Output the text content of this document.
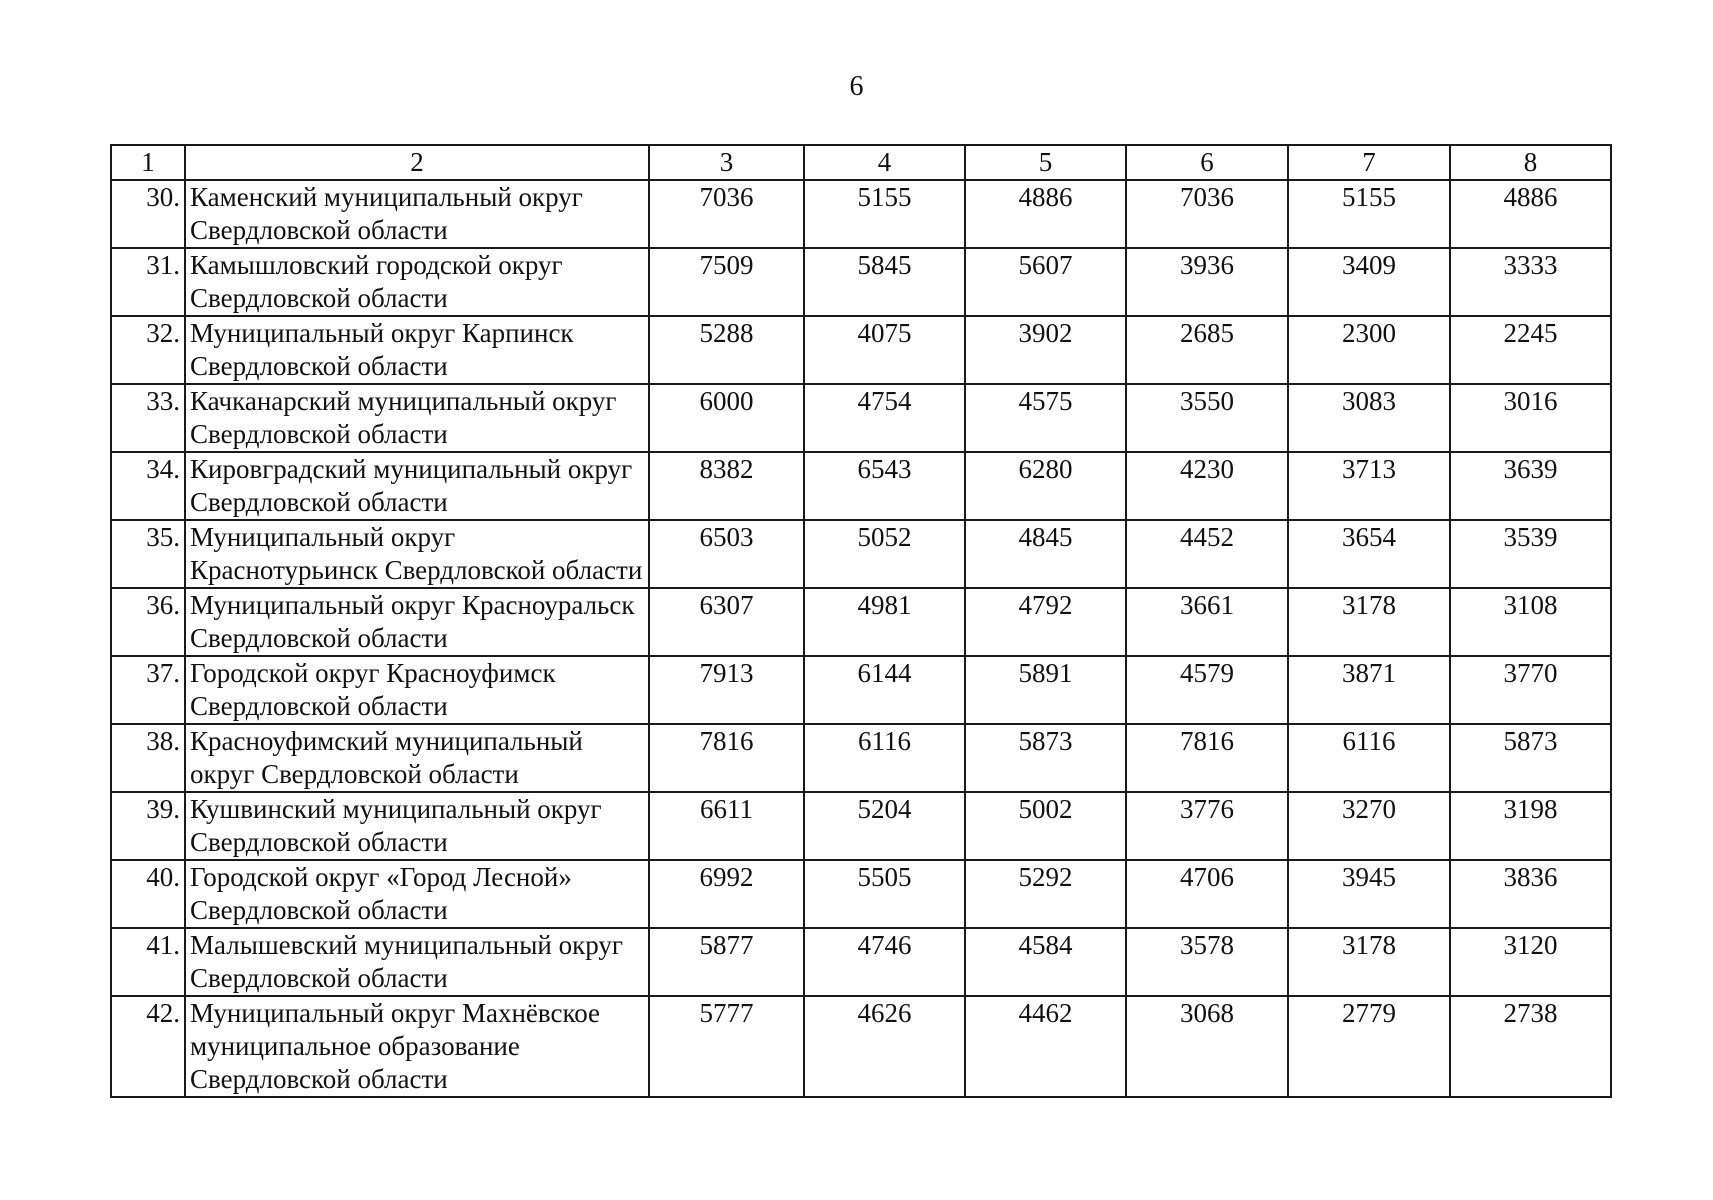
6
1	2	3	4	5	6	7	8
30.	Каменский муниципальный округ Свердловской области	7036	5155	4886	7036	5155	4886
31.	Камышловский городской округ Свердловской области	7509	5845	5607	3936	3409	3333
32.	Муниципальный округ Карпинск Свердловской области	5288	4075	3902	2685	2300	2245
33.	Качканарский муниципальный округ Свердловской области	6000	4754	4575	3550	3083	3016
34.	Кировградский муниципальный округ Свердловской области	8382	6543	6280	4230	3713	3639
35.	Муниципальный округ Краснотурьинск Свердловской области	6503	5052	4845	4452	3654	3539
36.	Муниципальный округ Красноуральск Свердловской области	6307	4981	4792	3661	3178	3108
37.	Городской округ Красноуфимск Свердловской области	7913	6144	5891	4579	3871	3770
38.	Красноуфимский муниципальный округ Свердловской области	7816	6116	5873	7816	6116	5873
39.	Кушвинский муниципальный округ Свердловской области	6611	5204	5002	3776	3270	3198
40.	Городской округ «Город Лесной» Свердловской области	6992	5505	5292	4706	3945	3836
41.	Малышевский муниципальный округ Свердловской области	5877	4746	4584	3578	3178	3120
42.	Муниципальный округ Махнёвское муниципальное образование Свердловской области	5777	4626	4462	3068	2779	2738
